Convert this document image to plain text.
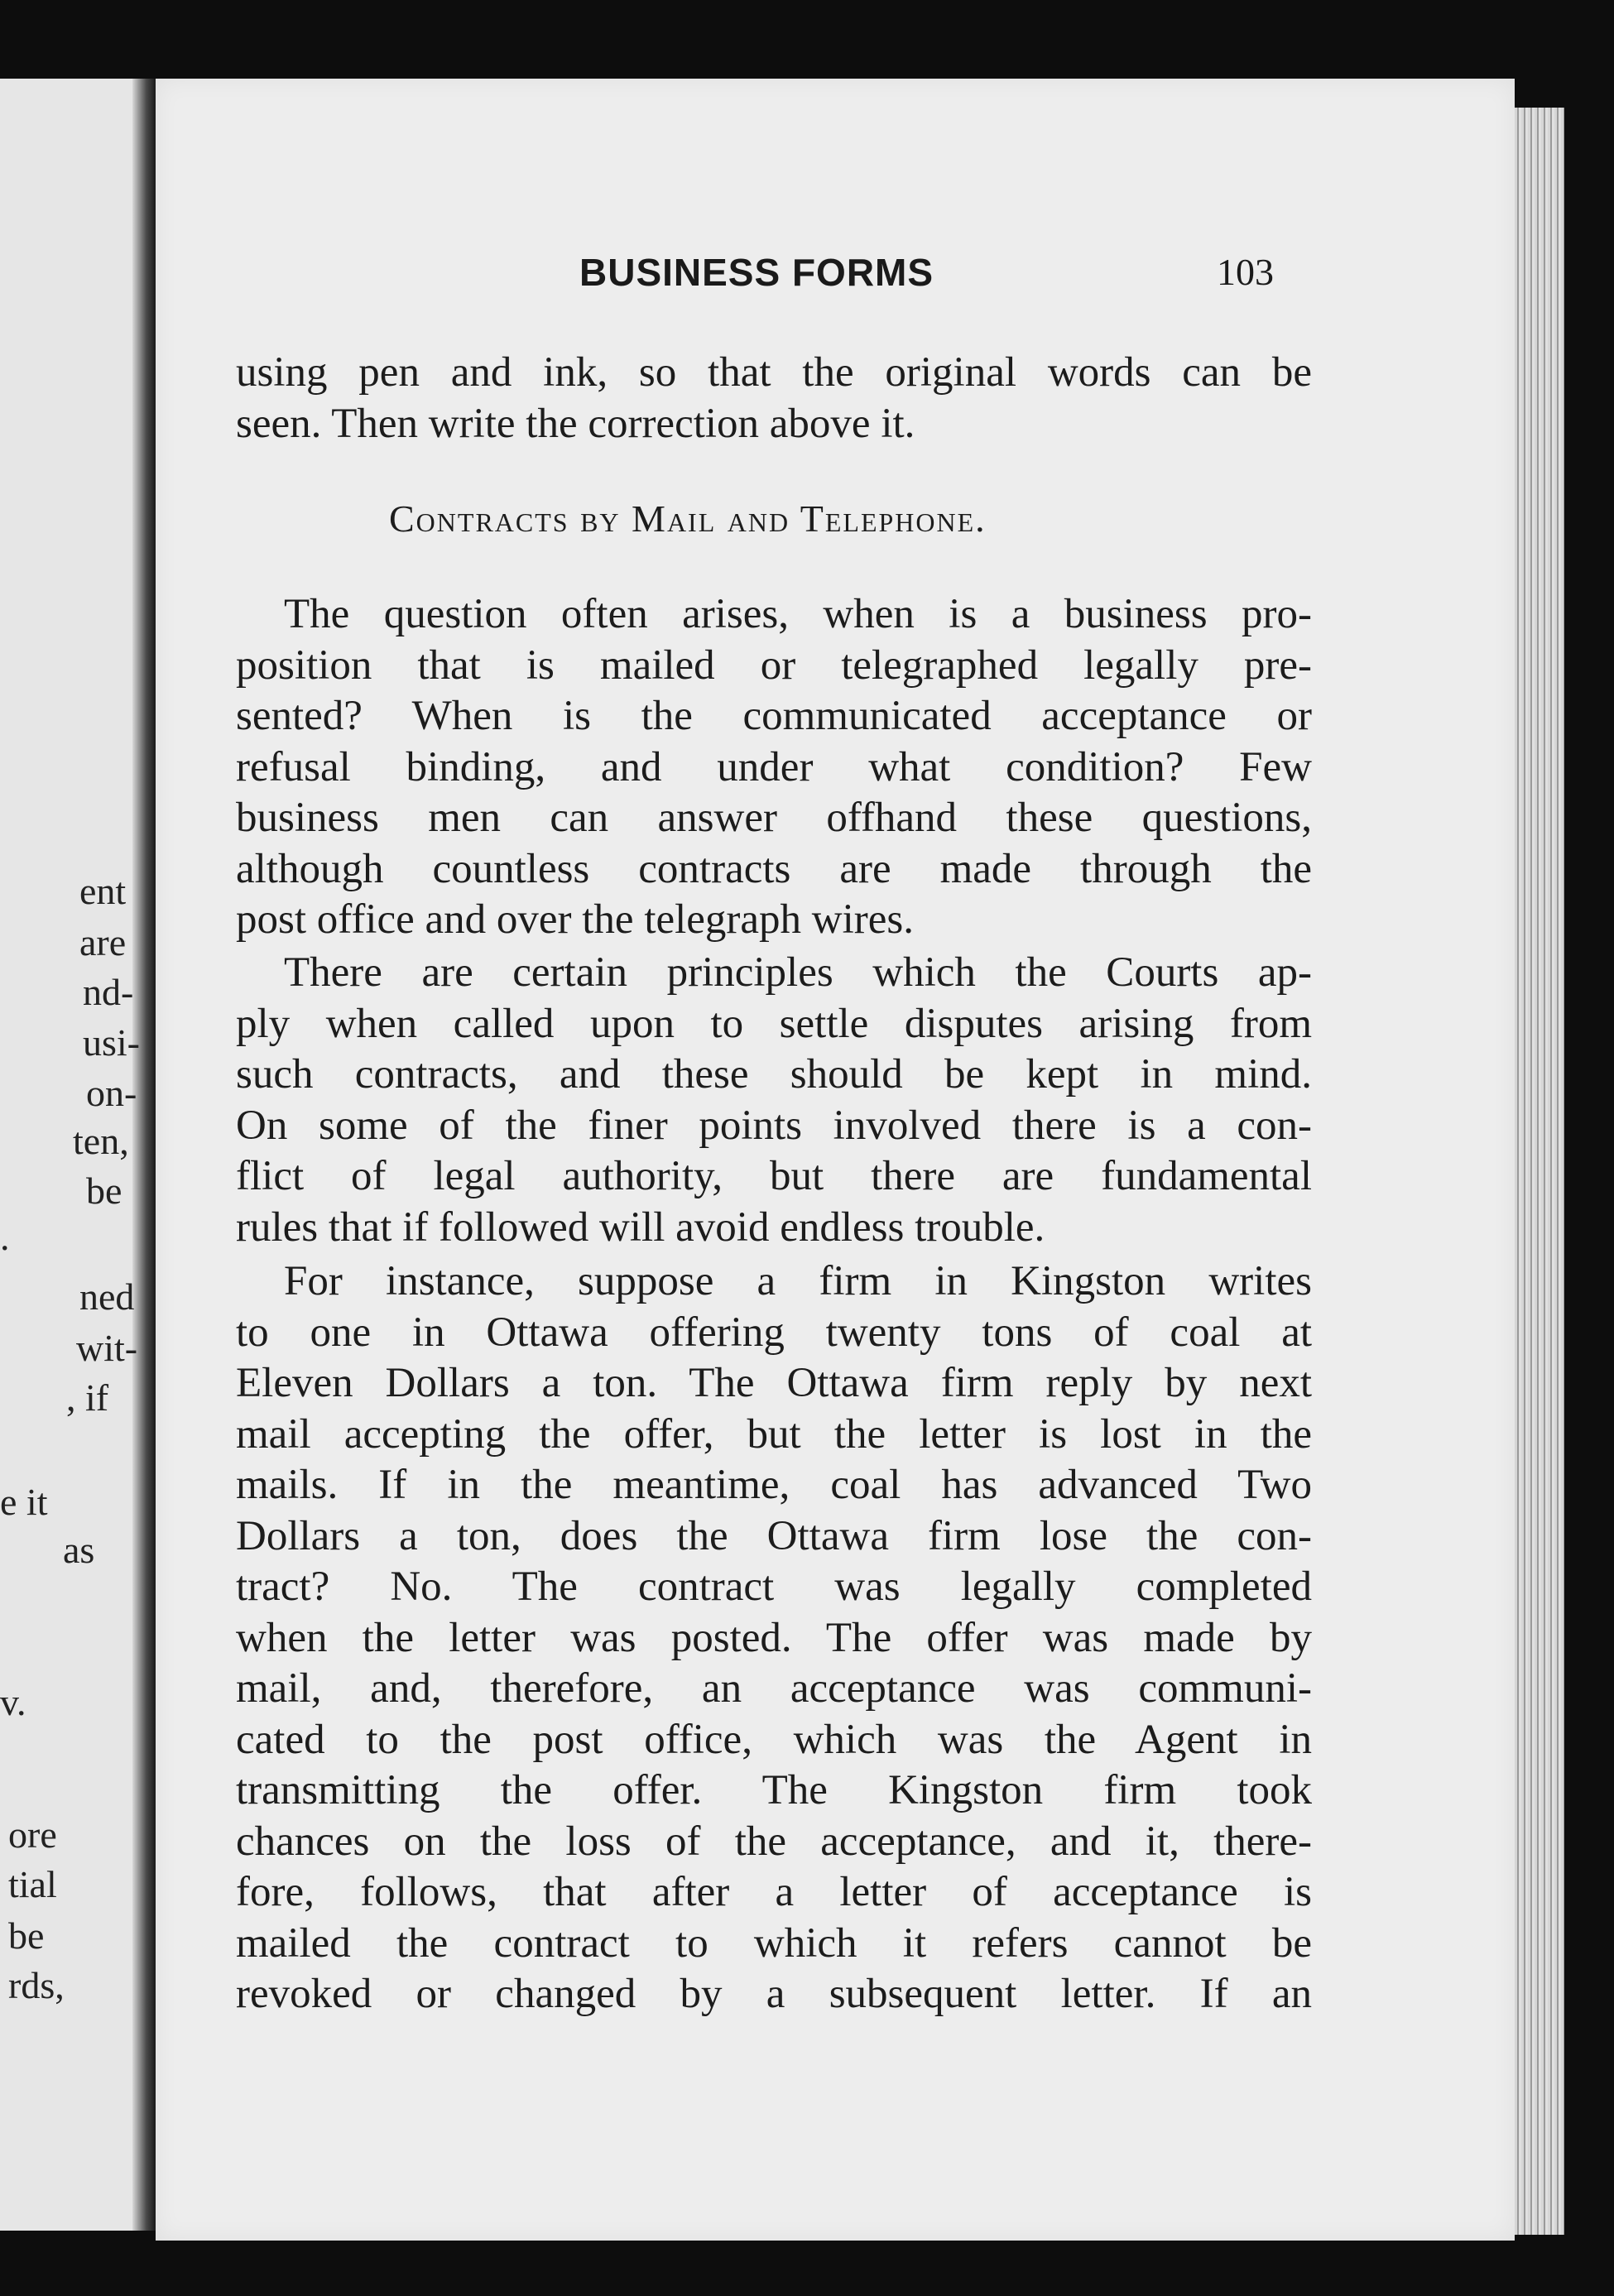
ent
are
nd-
usi-
on-
ten,
be
.
ned
wit-
, if
e it
as
v.
ore
tial
be
rds,
BUSINESS FORMS	103
using pen and ink, so that the original words can be
seen. Then write the correction above it.
Contracts by Mail and Telephone.
The question often arises, when is a business pro-
position that is mailed or telegraphed legally pre-
sented? When is the communicated acceptance or
refusal binding, and under what condition? Few
business men can answer offhand these questions,
although countless contracts are made through the
post office and over the telegraph wires.
There are certain principles which the Courts ap-
ply when called upon to settle disputes arising from
such contracts, and these should be kept in mind.
On some of the finer points involved there is a con-
flict of legal authority, but there are fundamental
rules that if followed will avoid endless trouble.
For instance, suppose a firm in Kingston writes
to one in Ottawa offering twenty tons of coal at
Eleven Dollars a ton. The Ottawa firm reply by next
mail accepting the offer, but the letter is lost in the
mails. If in the meantime, coal has advanced Two
Dollars a ton, does the Ottawa firm lose the con-
tract? No. The contract was legally completed
when the letter was posted. The offer was made by
mail, and, therefore, an acceptance was communi-
cated to the post office, which was the Agent in
transmitting the offer. The Kingston firm took
chances on the loss of the acceptance, and it, there-
fore, follows, that after a letter of acceptance is
mailed the contract to which it refers cannot be
revoked or changed by a subsequent letter. If an
